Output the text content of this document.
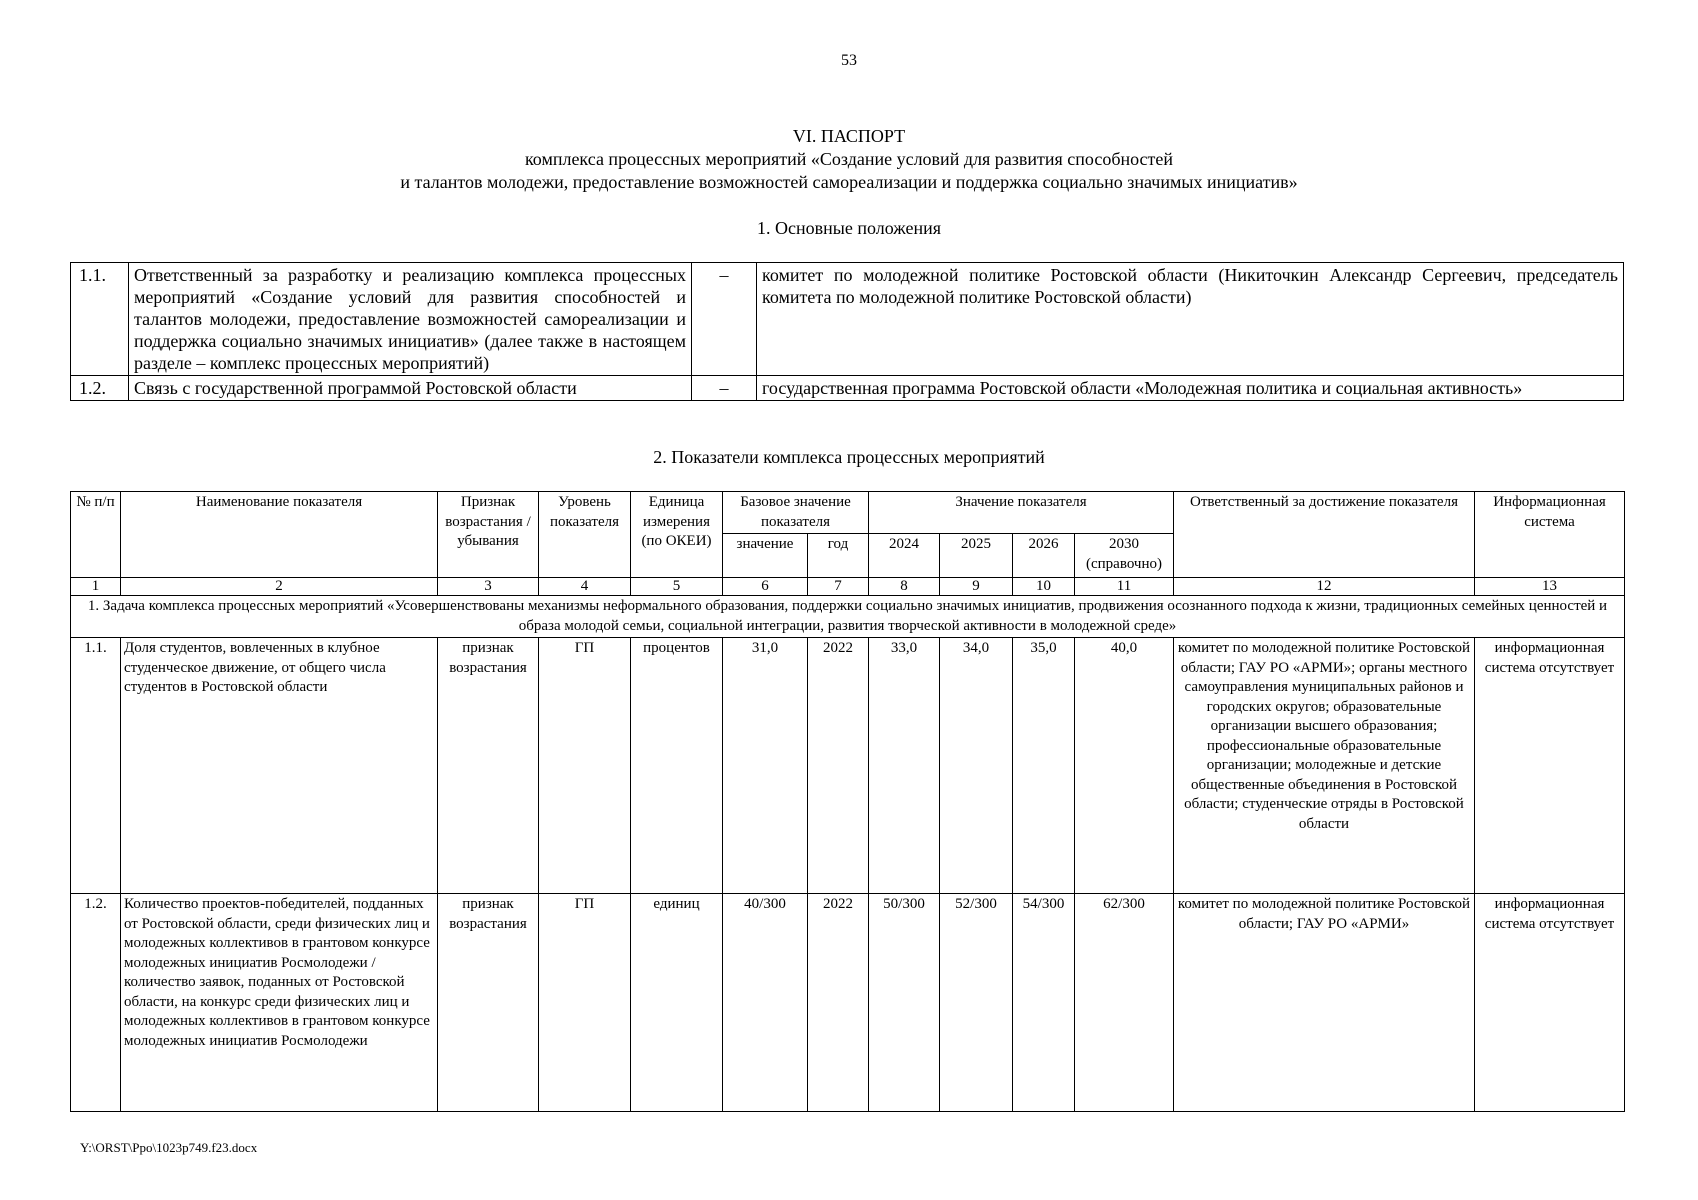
53
VI. ПАСПОРТ
комплекса процессных мероприятий «Создание условий для развития способностей
и талантов молодежи, предоставление возможностей самореализации и поддержка социально значимых инициатив»
1. Основные положения
1.1.	Ответственный за разработку и реализацию комплекса процессных мероприятий «Создание условий для развития способностей и талантов молодежи, предоставление возможностей самореализации и поддержка социально значимых инициатив» (далее также в настоящем разделе – комплекс процессных мероприятий)	–	комитет по молодежной политике Ростовской области (Никиточкин Александр Сергеевич, председатель комитета по молодежной политике Ростовской области)
1.2.	Связь с государственной программой Ростовской области	–	государственная программа Ростовской области «Молодежная политика и социальная активность»
2. Показатели комплекса процессных мероприятий
№ п/п	Наименование показателя	Признак возрастания /убывания	Уровень показателя	Единица измерения (по ОКЕИ)	Базовое значение показателя		Значение показателя				Ответственный за достижение показателя	Информационная система
					значение	год	2024	2025	2026	2030 (справочно)		
1	2	3	4	5	6	7	8	9	10	11	12	13
1. Задача комплекса процессных мероприятий «Усовершенствованы механизмы неформального образования, поддержки социально значимых инициатив, продвижения осознанного подхода к жизни, традиционных семейных ценностей и образа молодой семьи, социальной интеграции, развития творческой активности в молодежной среде»												
1.1.	Доля студентов, вовлеченных в клубное студенческое движение, от общего числа студентов в Ростовской области	признак возрастания	ГП	процентов	31,0	2022	33,0	34,0	35,0	40,0	комитет по молодежной политике Ростовской области; ГАУ РО «АРМИ»; органы местного самоуправления муниципальных районов и городских округов; образовательные организации высшего образования; профессиональные образовательные организации; молодежные и детские общественные объединения в Ростовской области; студенческие отряды в Ростовской области	информационная система отсутствует
1.2.	Количество проектов-победителей, подданных от Ростовской области, среди физических лиц и молодежных коллективов в грантовом конкурсе молодежных инициатив Росмолодежи / количество заявок, поданных от Ростовской области, на конкурс среди физических лиц и молодежных коллективов в грантовом конкурсе молодежных инициатив Росмолодежи	признак возрастания	ГП	единиц	40/300	2022	50/300	52/300	54/300	62/300	комитет по молодежной политике Ростовской области; ГАУ РО «АРМИ»	информационная система отсутствует
Y:\ORST\Ppo\1023p749.f23.docx
